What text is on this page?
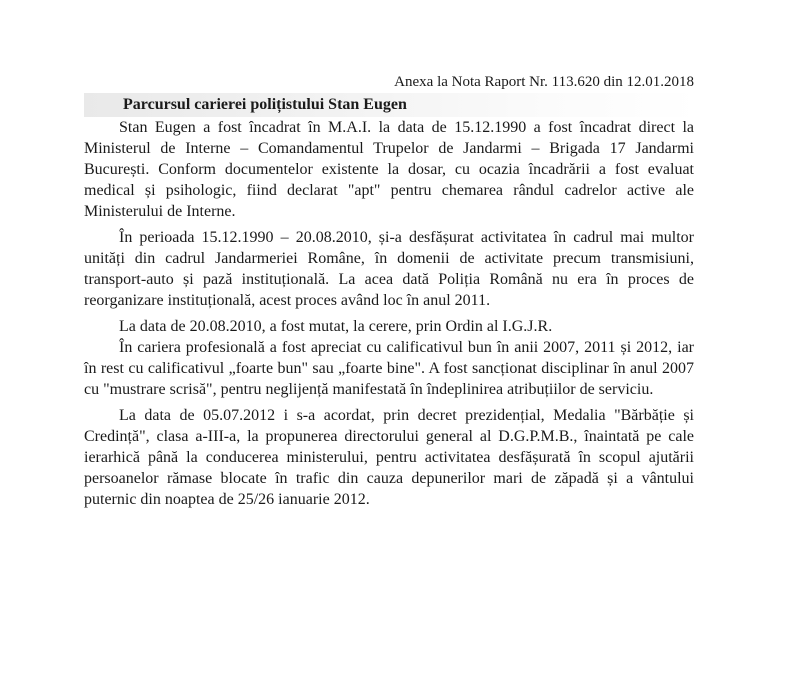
Anexa la Nota Raport Nr. 113.620 din 12.01.2018
Parcursul carierei polițistului Stan Eugen

Stan Eugen a fost încadrat în M.A.I. la data de 15.12.1990 a fost încadrat direct la Ministerul de Interne – Comandamentul Trupelor de Jandarmi – Brigada 17 Jandarmi București. Conform documentelor existente la dosar, cu ocazia încadrării a fost evaluat medical și psihologic, fiind declarat "apt" pentru chemarea rândul cadrelor active ale Ministerului de Interne.

În perioada 15.12.1990 – 20.08.2010, și-a desfășurat activitatea în cadrul mai multor unități din cadrul Jandarmeriei Române, în domenii de activitate precum transmisiuni, transport-auto și pază instituțională. La acea dată Poliția Română nu era în proces de reorganizare instituțională, acest proces având loc în anul 2011.

La data de 20.08.2010, a fost mutat, la cerere, prin Ordin al I.G.J.R.

În cariera profesională a fost apreciat cu calificativul bun în anii 2007, 2011 și 2012, iar în rest cu calificativul „foarte bun" sau „foarte bine". A fost sancționat disciplinar în anul 2007 cu "mustrare scrisă", pentru neglijență manifestată în îndeplinirea atribuțiilor de serviciu.

La data de 05.07.2012 i s-a acordat, prin decret prezidențial, Medalia "Bărbăție și Credință", clasa a-III-a, la propunerea directorului general al D.G.P.M.B., înaintată pe cale ierarhică până la conducerea ministerului, pentru activitatea desfășurată în scopul ajutării persoanelor rămase blocate în trafic din cauza depunerilor mari de zăpadă și a vântului puternic din noaptea de 25/26 ianuarie 2012.
